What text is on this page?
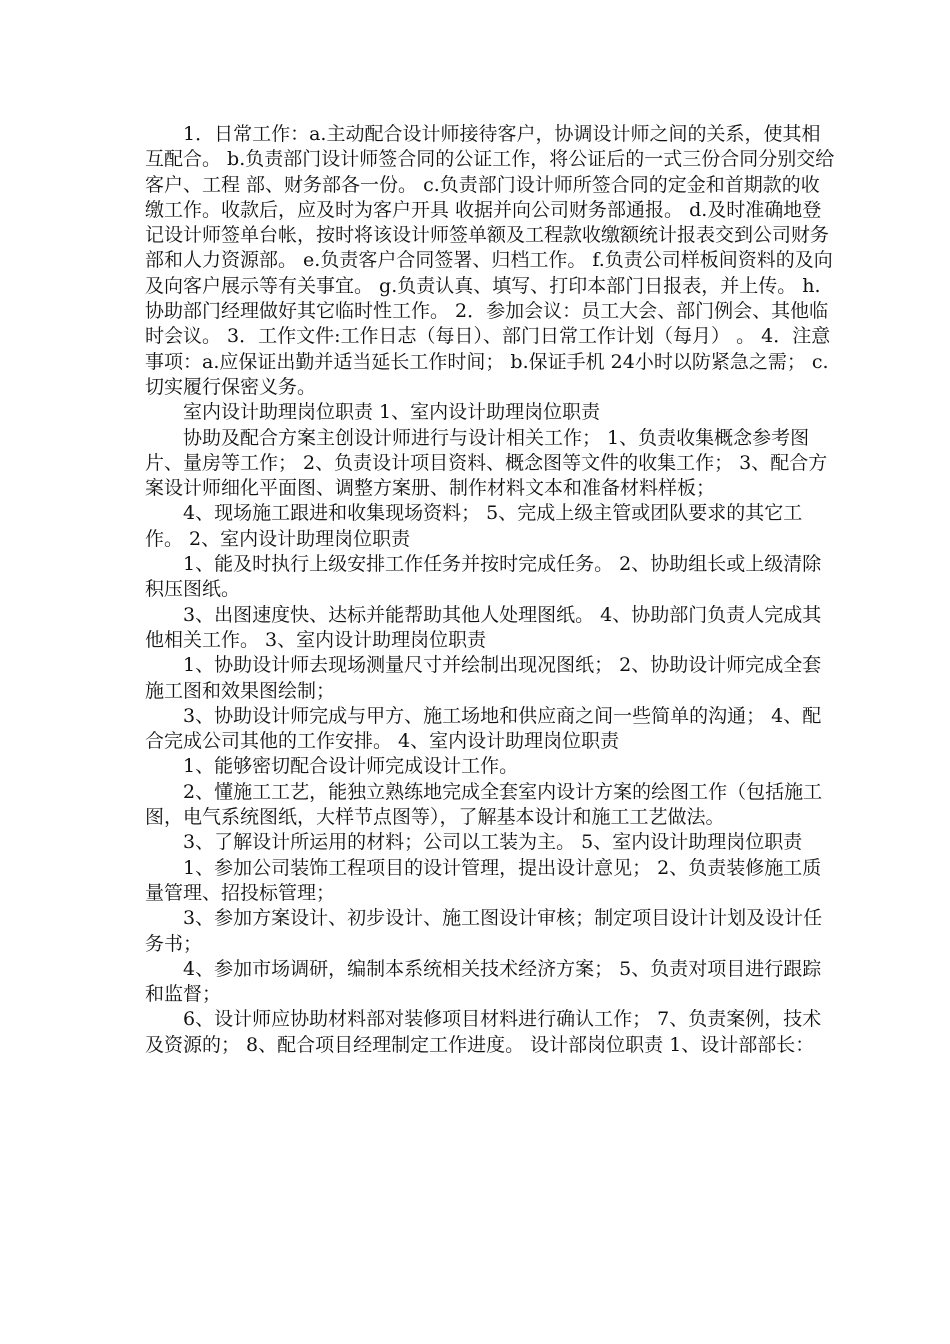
1．日常工作：a.主动配合设计师接待客户，协调设计师之间的关系，使其相互配合。 b.负责部门设计师签合同的公证工作，将公证后的一式三份合同分别交给客户、工程 部、财务部各一份。 c.负责部门设计师所签合同的定金和首期款的收缴工作。收款后，应及时为客户开具 收据并向公司财务部通报。 d.及时准确地登记设计师签单台帐，按时将该设计师签单额及工程款收缴额统计报表交到公司财务部和人力资源部。 e.负责客户合同签署、归档工作。 f.负责公司样板间资料的及向及向客户展示等有关事宜。 g.负责认真、填写、打印本部门日报表，并上传。 h.协助部门经理做好其它临时性工作。 2．参加会议：员工大会、部门例会、其他临时会议。 3．工作文件:工作日志（每日）、部门日常工作计划（每月） 。 4．注意事项：a.应保证出勤并适当延长工作时间； b.保证手机 24小时以防紧急之需； c.切实履行保密义务。

室内设计助理岗位职责 1、室内设计助理岗位职责

协助及配合方案主创设计师进行与设计相关工作； 1、负责收集概念参考图片、量房等工作； 2、负责设计项目资料、概念图等文件的收集工作； 3、配合方案设计师细化平面图、调整方案册、制作材料文本和准备材料样板；

4、现场施工跟进和收集现场资料； 5、完成上级主管或团队要求的其它工作。 2、室内设计助理岗位职责

1、能及时执行上级安排工作任务并按时完成任务。 2、协助组长或上级清除积压图纸。

3、出图速度快、达标并能帮助其他人处理图纸。 4、协助部门负责人完成其他相关工作。 3、室内设计助理岗位职责

1、协助设计师去现场测量尺寸并绘制出现况图纸； 2、协助设计师完成全套施工图和效果图绘制；

3、协助设计师完成与甲方、施工场地和供应商之间一些简单的沟通； 4、配合完成公司其他的工作安排。 4、室内设计助理岗位职责

1、能够密切配合设计师完成设计工作。

2、懂施工工艺，能独立熟练地完成全套室内设计方案的绘图工作（包括施工图，电气系统图纸，大样节点图等），了解基本设计和施工工艺做法。

3、了解设计所运用的材料；公司以工装为主。 5、室内设计助理岗位职责

1、参加公司装饰工程项目的设计管理，提出设计意见； 2、负责装修施工质量管理、招投标管理；

3、参加方案设计、初步设计、施工图设计审核；制定项目设计计划及设计任务书；

4、参加市场调研，编制本系统相关技术经济方案； 5、负责对项目进行跟踪和监督；

6、设计师应协助材料部对装修项目材料进行确认工作； 7、负责案例，技术及资源的； 8、配合项目经理制定工作进度。 设计部岗位职责 1、设计部部长：
